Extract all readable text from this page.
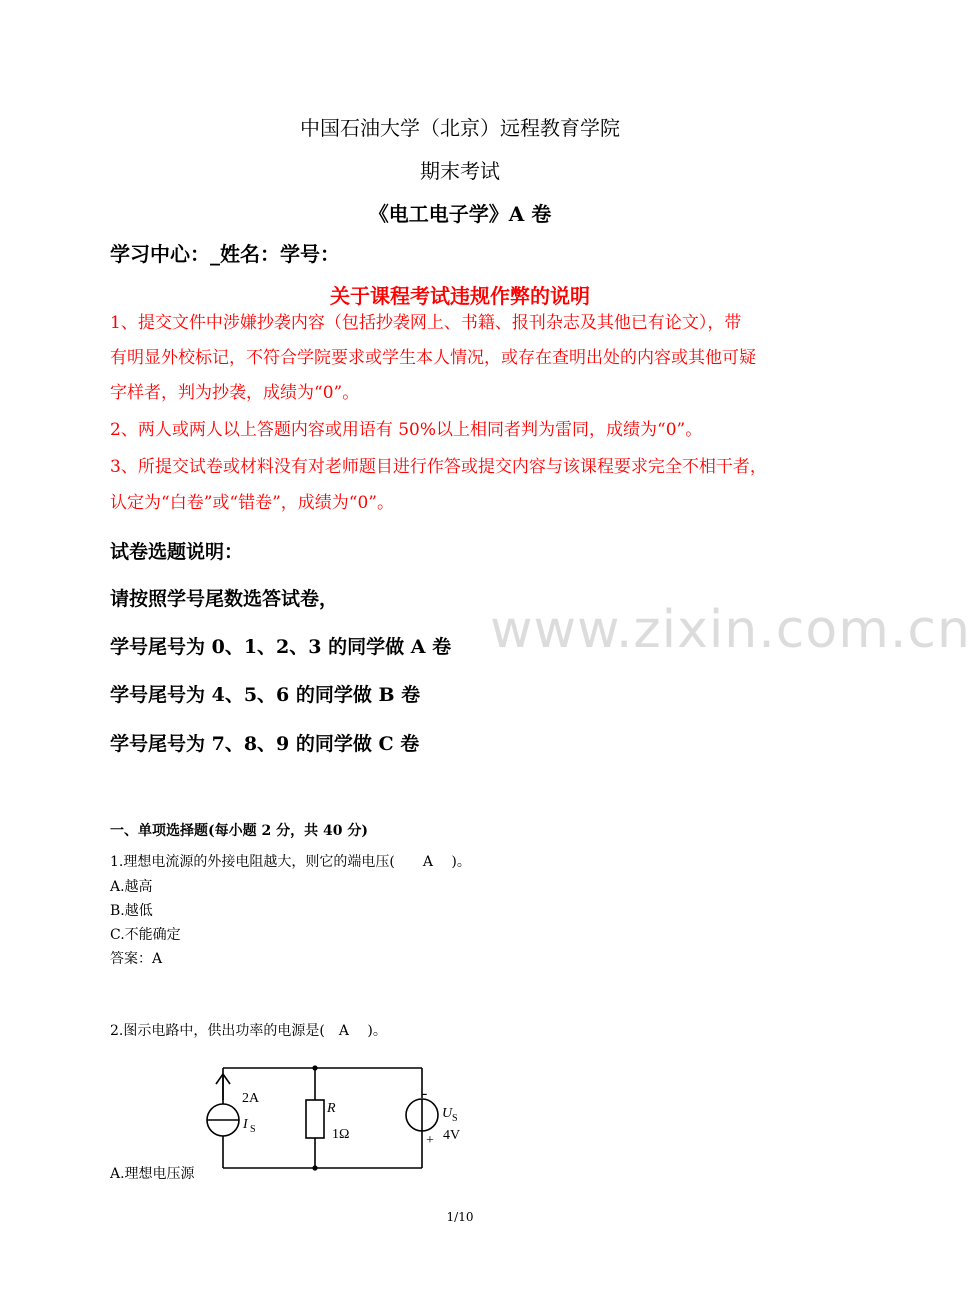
www.zixin.com.cn
中国石油大学（北京）远程教育学院
期末考试
《电工电子学》A 卷
学习中心：_姓名：学号：
关于课程考试违规作弊的说明
1、提交文件中涉嫌抄袭内容（包括抄袭网上、书籍、报刊杂志及其他已有论文），带
有明显外校标记，不符合学院要求或学生本人情况，或存在查明出处的内容或其他可疑
字样者，判为抄袭，成绩为“0”。
2、两人或两人以上答题内容或用语有 50%以上相同者判为雷同，成绩为“0”。
3、所提交试卷或材料没有对老师题目进行作答或提交内容与该课程要求完全不相干者，
认定为“白卷”或“错卷”，成绩为“0”。
试卷选题说明：
请按照学号尾数选答试卷，
学号尾号为 0、1、2、3 的同学做 A 卷
学号尾号为 4、5、6 的同学做 B 卷
学号尾号为 7、8、9 的同学做 C 卷
一、单项选择题(每小题 2 分，共 40 分)
1.理想电流源的外接电阻越大，则它的端电压(　　A　 )。
A.越高
B.越低
C.不能确定
答案：A
2.图示电路中，供出功率的电源是(　A　 )。
2A
I S
R
1Ω
-
U S
+ 4V
A.理想电压源
1/10
